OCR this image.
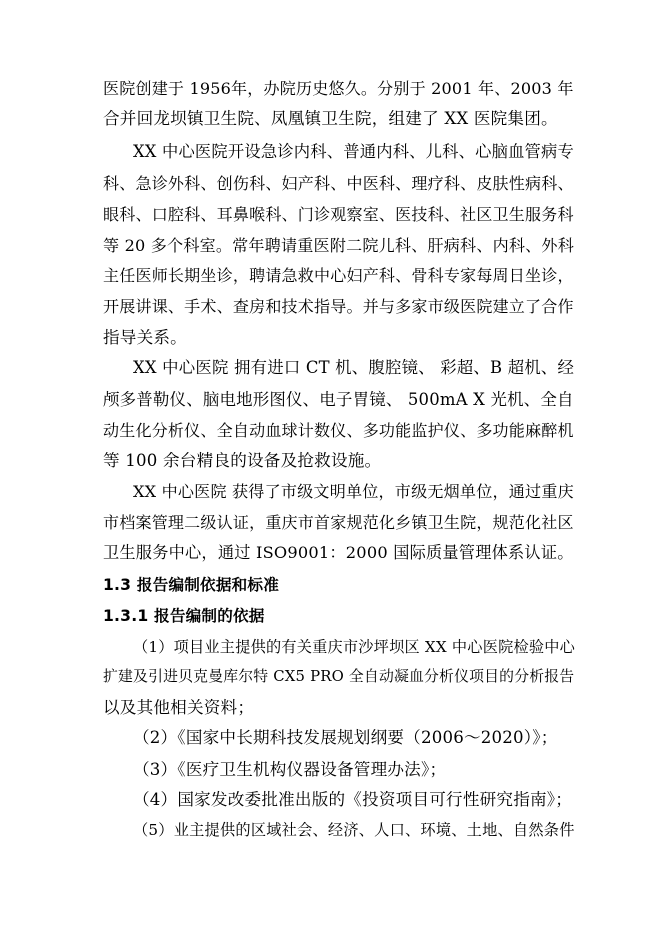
医院创建于 1956年，办院历史悠久。分别于 2001 年、2003 年
合并回龙坝镇卫生院、凤凰镇卫生院，组建了 XX 医院集团。
XX 中心医院开设急诊内科、普通内科、儿科、心脑血管病专
科、急诊外科、创伤科、妇产科、中医科、理疗科、皮肤性病科、
眼科、口腔科、耳鼻喉科、门诊观察室、医技科、社区卫生服务科
等 20 多个科室。常年聘请重医附二院儿科、肝病科、内科、外科
主任医师长期坐诊，聘请急救中心妇产科、骨科专家每周日坐诊，
开展讲课、手术、查房和技术指导。并与多家市级医院建立了合作
指导关系。
XX 中心医院 拥有进口 CT 机、腹腔镜、 彩超、B 超机、经
颅多普勒仪、脑电地形图仪、电子胃镜、 500mA X 光机、全自
动生化分析仪、全自动血球计数仪、多功能监护仪、多功能麻醉机
等 100 余台精良的设备及抢救设施。
XX 中心医院 获得了市级文明单位，市级无烟单位，通过重庆
市档案管理二级认证，重庆市首家规范化乡镇卫生院，规范化社区
卫生服务中心，通过 ISO9001：2000 国际质量管理体系认证。
1.3 报告编制依据和标准
1.3.1 报告编制的依据
（1）项目业主提供的有关重庆市沙坪坝区 XX 中心医院检验中心
扩建及引进贝克曼库尔特 CX5 PRO 全自动凝血分析仪项目的分析报告
以及其他相关资料；
（2）《国家中长期科技发展规划纲要（2006～2020）》；
（3）《医疗卫生机构仪器设备管理办法》；
（4）国家发改委批准出版的《投资项目可行性研究指南》；
（5）业主提供的区域社会、经济、人口、环境、土地、自然条件
